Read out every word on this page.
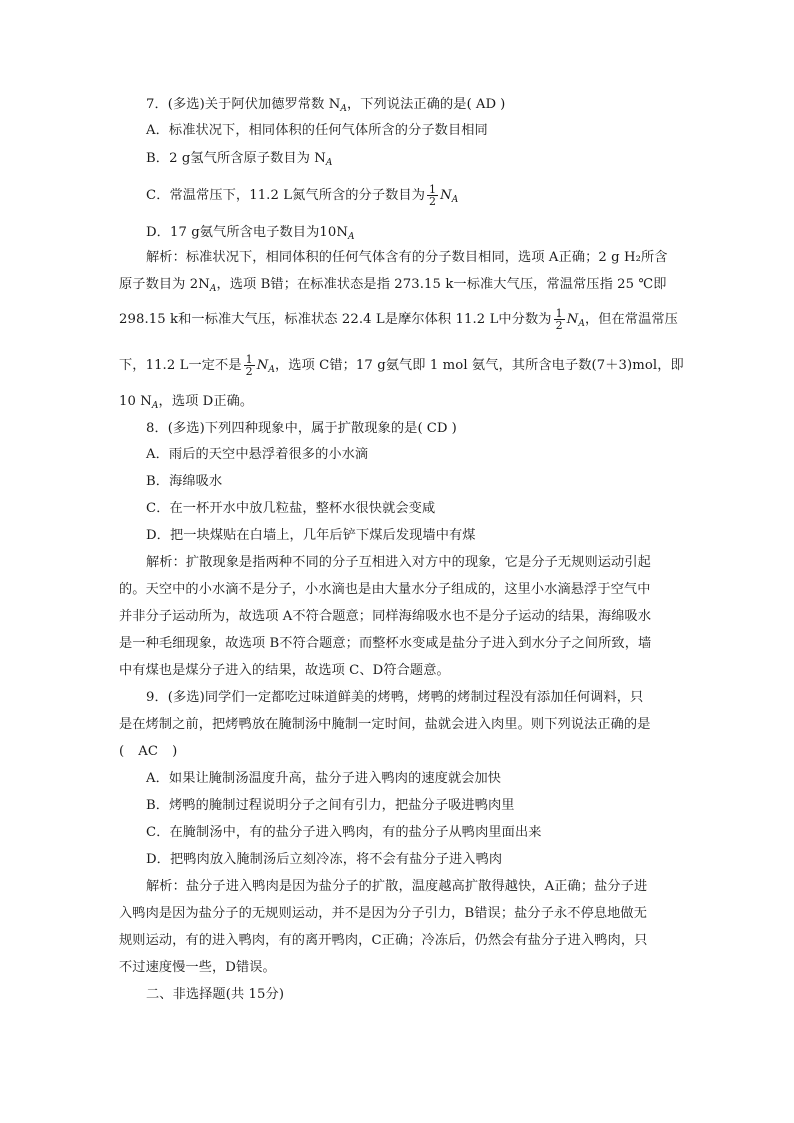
7．(多选)关于阿伏加德罗常数 $N_A$，下列说法正确的是( AD )
A．标准状况下，相同体积的任何气体所含的分子数目相同
B．2 g氢气所含原子数目为 $N_A$
C．常温常压下，11.2 L氮气所含的分子数目为 $\frac{1}{2} N_A$
D．17 g氨气所含电子数目为$10N_A$
解析：标准状况下，相同体积的任何气体含有的分子数目相同，选项 A正确；2 g H₂所含
原子数目为 $2N_A$，选项 B错；在标准状态是指 273.15 k一标准大气压，常温常压指 25 ℃即
298.15 k和一标准大气压，标准状态 22.4 L是摩尔体积 11.2 L中分数为 $\frac{1}{2} N_A$，但在常温常压
下，11.2 L一定不是 $\frac{1}{2} N_A$，选项 C错；17 g氨气即 1 mol 氨气，其所含电子数(7＋3)mol，即
10 $N_A$，选项 D正确。
8．(多选)下列四种现象中，属于扩散现象的是( CD )
A．雨后的天空中悬浮着很多的小水滴
B．海绵吸水
C．在一杯开水中放几粒盐，整杯水很快就会变咸
D．把一块煤贴在白墙上，几年后铲下煤后发现墙中有煤
解析：扩散现象是指两种不同的分子互相进入对方中的现象，它是分子无规则运动引起
的。天空中的小水滴不是分子，小水滴也是由大量水分子组成的，这里小水滴悬浮于空气中
并非分子运动所为，故选项 A不符合题意；同样海绵吸水也不是分子运动的结果，海绵吸水
是一种毛细现象，故选项 B不符合题意；而整杯水变咸是盐分子进入到水分子之间所致，墙
中有煤也是煤分子进入的结果，故选项 C、D符合题意。
9．(多选)同学们一定都吃过味道鲜美的烤鸭，烤鸭的烤制过程没有添加任何调料，只
是在烤制之前，把烤鸭放在腌制汤中腌制一定时间，盐就会进入肉里。则下列说法正确的是
( AC )
A．如果让腌制汤温度升高，盐分子进入鸭肉的速度就会加快
B．烤鸭的腌制过程说明分子之间有引力，把盐分子吸进鸭肉里
C．在腌制汤中，有的盐分子进入鸭肉，有的盐分子从鸭肉里面出来
D．把鸭肉放入腌制汤后立刻冷冻，将不会有盐分子进入鸭肉
解析：盐分子进入鸭肉是因为盐分子的扩散，温度越高扩散得越快，A正确；盐分子进
入鸭肉是因为盐分子的无规则运动，并不是因为分子引力，B错误；盐分子永不停息地做无
规则运动，有的进入鸭肉，有的离开鸭肉，C正确；冷冻后，仍然会有盐分子进入鸭肉，只
不过速度慢一些，D错误。
二、非选择题(共 15分)
